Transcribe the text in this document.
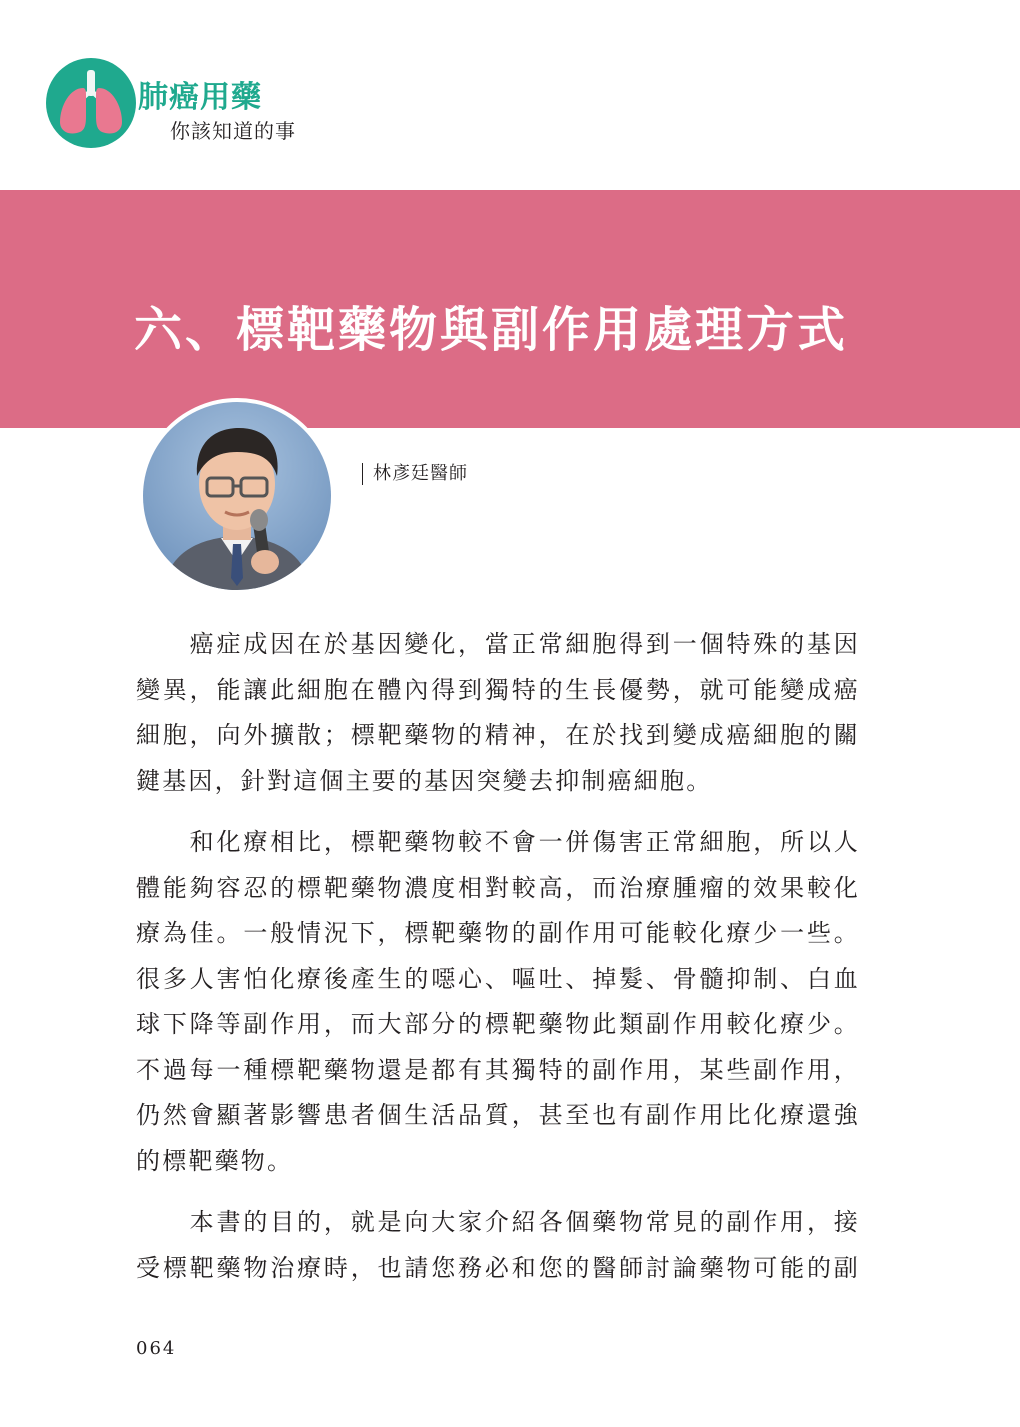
肺癌用藥
你該知道的事
六、標靶藥物與副作用處理方式
林彥廷醫師

　　癌症成因在於基因變化，當正常細胞得到一個特殊的基因
變異，能讓此細胞在體內得到獨特的生長優勢，就可能變成癌
細胞，向外擴散；標靶藥物的精神，在於找到變成癌細胞的關
鍵基因，針對這個主要的基因突變去抑制癌細胞。

　　和化療相比，標靶藥物較不會一併傷害正常細胞，所以人
體能夠容忍的標靶藥物濃度相對較高，而治療腫瘤的效果較化
療為佳。一般情況下，標靶藥物的副作用可能較化療少一些。
很多人害怕化療後產生的噁心、嘔吐、掉髮、骨髓抑制、白血
球下降等副作用，而大部分的標靶藥物此類副作用較化療少。
不過每一種標靶藥物還是都有其獨特的副作用，某些副作用，
仍然會顯著影響患者個生活品質，甚至也有副作用比化療還強
的標靶藥物。

　　本書的目的，就是向大家介紹各個藥物常見的副作用，接
受標靶藥物治療時，也請您務必和您的醫師討論藥物可能的副

064
